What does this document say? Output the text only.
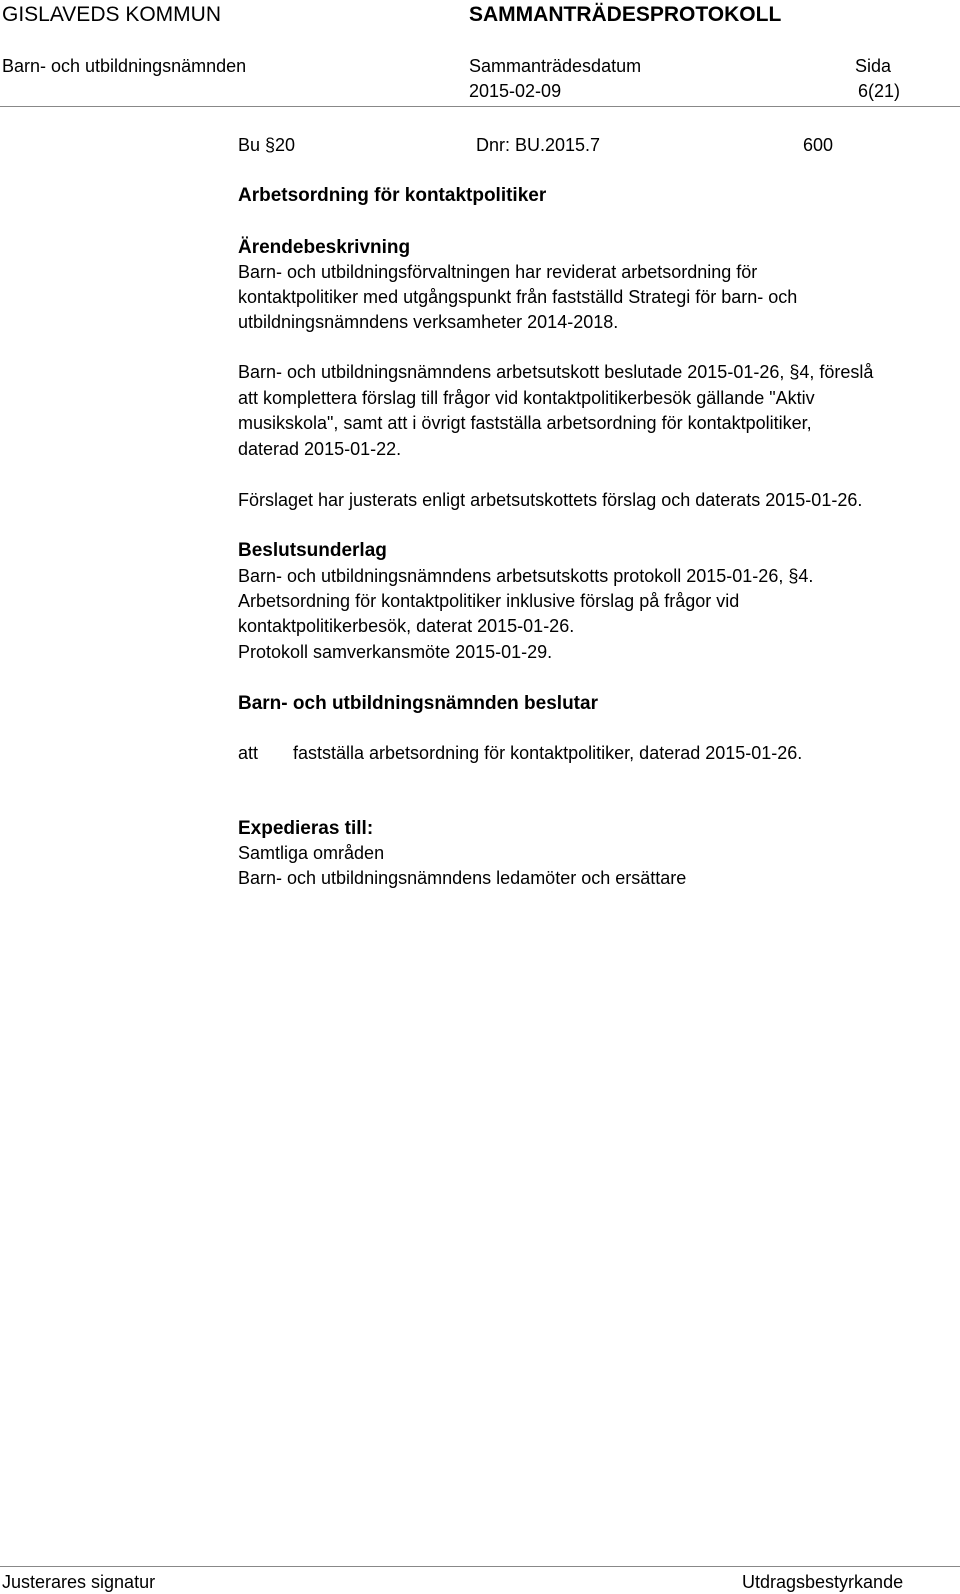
GISLAVEDS KOMMUN	SAMMANTRÄDESPROTOKOLL
Barn- och utbildningsnämnden	Sammanträdesdatum	Sida
2015-02-09	6(21)
Bu §20	Dnr: BU.2015.7	600
Arbetsordning för kontaktpolitiker
Ärendebeskrivning
Barn- och utbildningsförvaltningen har reviderat arbetsordning för
kontaktpolitiker med utgångspunkt från fastställd Strategi för barn- och
utbildningsnämndens verksamheter 2014-2018.
Barn- och utbildningsnämndens arbetsutskott beslutade 2015-01-26, §4, föreslå
att komplettera förslag till frågor vid kontaktpolitikerbesök gällande "Aktiv
musikskola", samt att i övrigt fastställa arbetsordning för kontaktpolitiker,
daterad 2015-01-22.
Förslaget har justerats enligt arbetsutskottets förslag och daterats 2015-01-26.
Beslutsunderlag
Barn- och utbildningsnämndens arbetsutskotts protokoll 2015-01-26, §4.
Arbetsordning för kontaktpolitiker inklusive förslag på frågor vid
kontaktpolitikerbesök, daterat 2015-01-26.
Protokoll samverkansmöte 2015-01-29.
Barn- och utbildningsnämnden beslutar
att fastställa arbetsordning för kontaktpolitiker, daterad 2015-01-26.
Expedieras till:
Samtliga områden
Barn- och utbildningsnämndens ledamöter och ersättare
Justerares signatur	Utdragsbestyrkande
